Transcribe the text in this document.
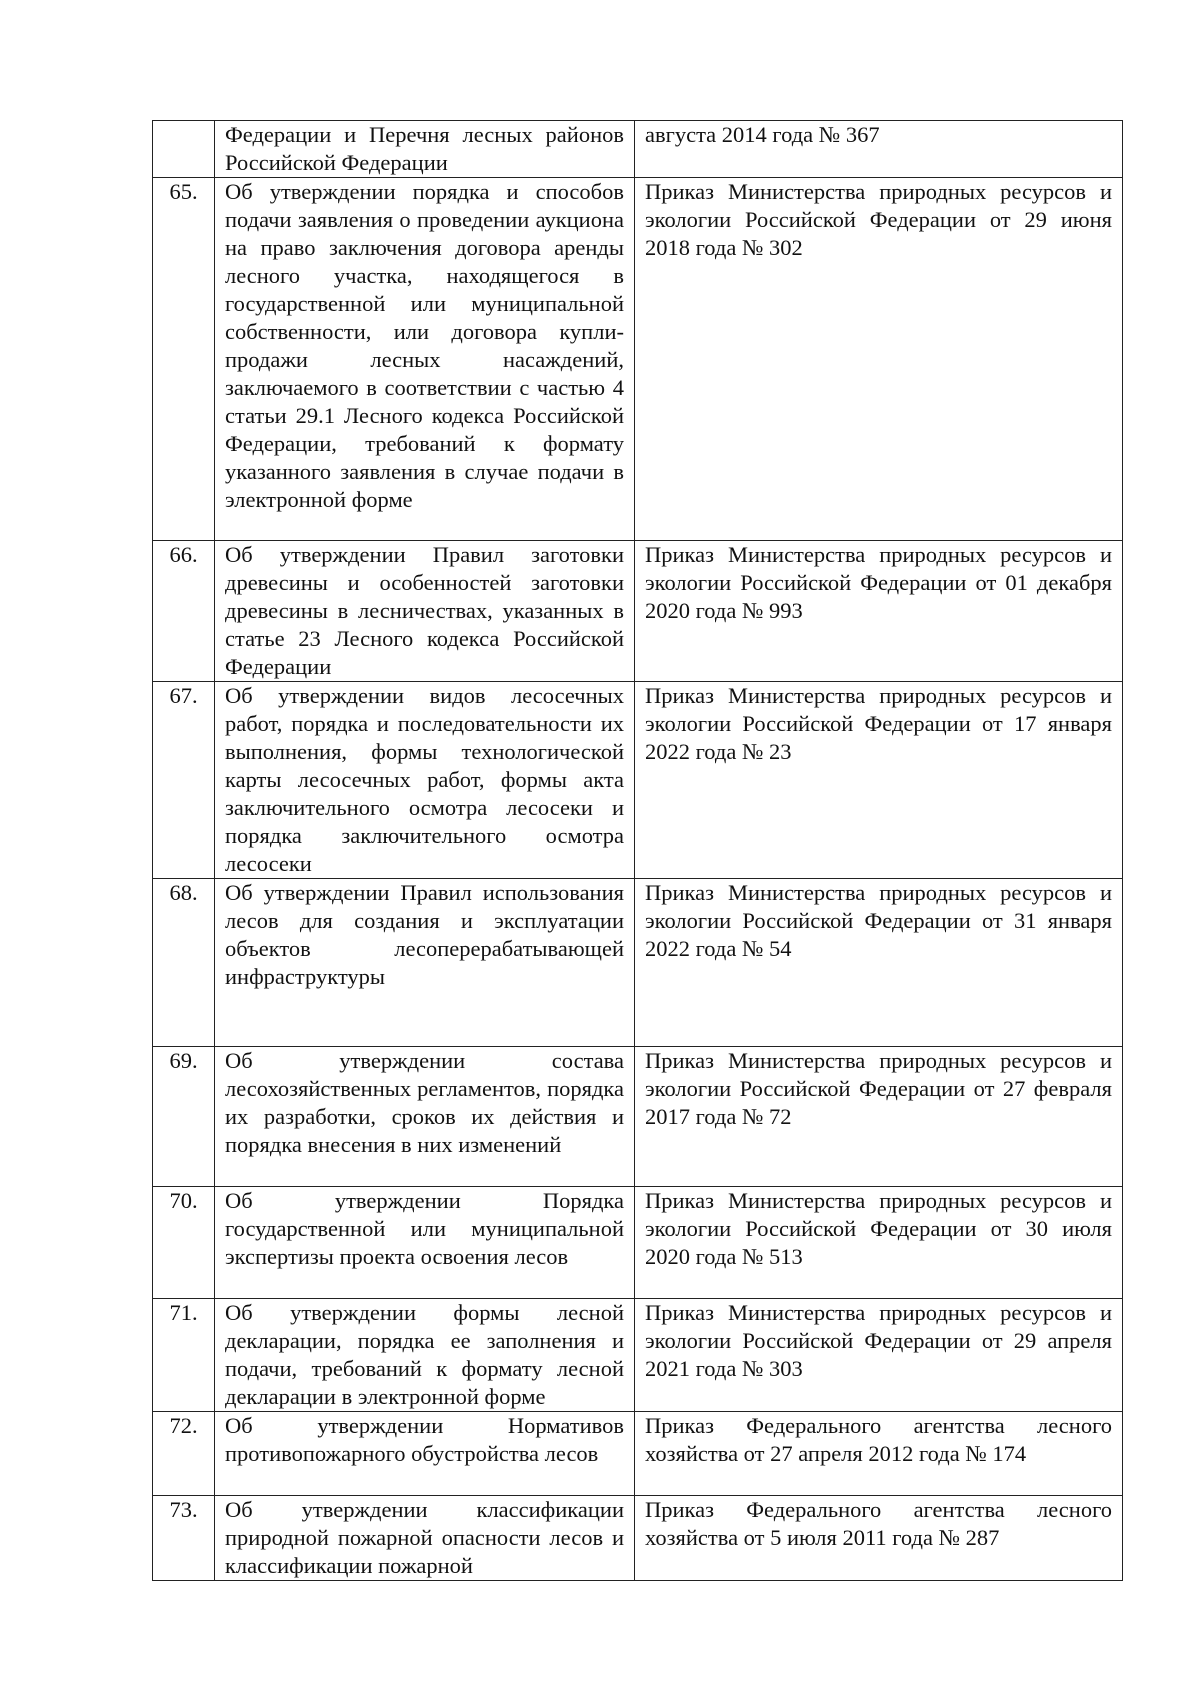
	Федерации и Перечня лесных районов Российской Федерации	августа 2014 года № 367
65.	Об утверждении порядка и способов подачи заявления о проведении аукциона на право заключения договора аренды лесного участка, находящегося в государственной или муниципальной собственности, или договора купли-продажи лесных насаждений, заключаемого в соответствии с частью 4 статьи 29.1 Лесного кодекса Российской Федерации, требований к формату указанного заявления в случае подачи в электронной форме	Приказ Министерства природных ресурсов и экологии Российской Федерации от 29 июня 2018 года № 302
66.	Об утверждении Правил заготовки древесины и особенностей заготовки древесины в лесничествах, указанных в статье 23 Лесного кодекса Российской Федерации	Приказ Министерства природных ресурсов и экологии Российской Федерации от 01 декабря 2020 года № 993
67.	Об утверждении видов лесосечных работ, порядка и последовательности их выполнения, формы технологической карты лесосечных работ, формы акта заключительного осмотра лесосеки и порядка заключительного осмотра лесосеки	Приказ Министерства природных ресурсов и экологии Российской Федерации от 17 января 2022 года № 23
68.	Об утверждении Правил использования лесов для создания и эксплуатации объектов лесоперерабатывающей инфраструктуры	Приказ Министерства природных ресурсов и экологии Российской Федерации от 31 января 2022 года № 54
69.	Об утверждении состава лесохозяйственных регламентов, порядка их разработки, сроков их действия и порядка внесения в них изменений	Приказ Министерства природных ресурсов и экологии Российской Федерации от 27 февраля 2017 года № 72
70.	Об утверждении Порядка государственной или муниципальной экспертизы проекта освоения лесов	Приказ Министерства природных ресурсов и экологии Российской Федерации от 30 июля 2020 года № 513
71.	Об утверждении формы лесной декларации, порядка ее заполнения и подачи, требований к формату лесной декларации в электронной форме	Приказ Министерства природных ресурсов и экологии Российской Федерации от 29 апреля 2021 года № 303
72.	Об утверждении Нормативов противопожарного обустройства лесов	Приказ Федерального агентства лесного хозяйства от 27 апреля 2012 года № 174
73.	Об утверждении классификации природной пожарной опасности лесов и классификации пожарной	Приказ Федерального агентства лесного хозяйства от 5 июля 2011 года № 287
